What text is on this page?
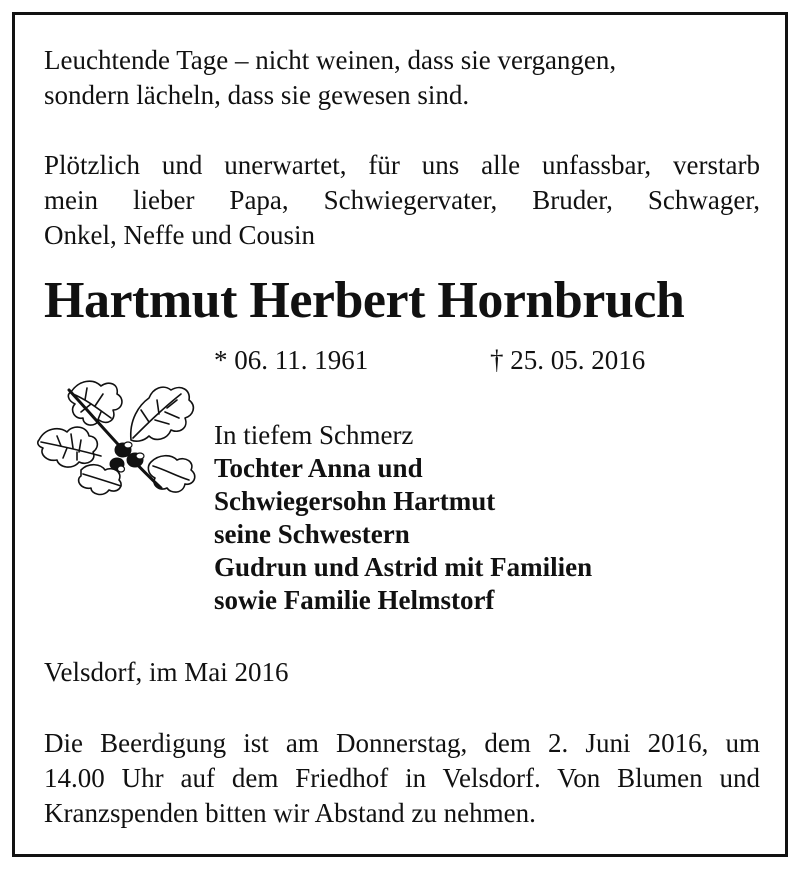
Leuchtende Tage – nicht weinen, dass sie vergangen,
sondern lächeln, dass sie gewesen sind.
Plötzlich und unerwartet, für uns alle unfassbar, verstarb
mein lieber Papa, Schwiegervater, Bruder, Schwager,
Onkel, Neffe und Cousin
Hartmut Herbert Hornbruch
* 06. 11. 1961	† 25. 05. 2016
In tiefem Schmerz
Tochter Anna und
Schwiegersohn Hartmut
seine Schwestern
Gudrun und Astrid mit Familien
sowie Familie Helmstorf
Velsdorf, im Mai 2016
Die Beerdigung ist am Donnerstag, dem 2. Juni 2016, um
14.00 Uhr auf dem Friedhof in Velsdorf. Von Blumen und
Kranzspenden bitten wir Abstand zu nehmen.
